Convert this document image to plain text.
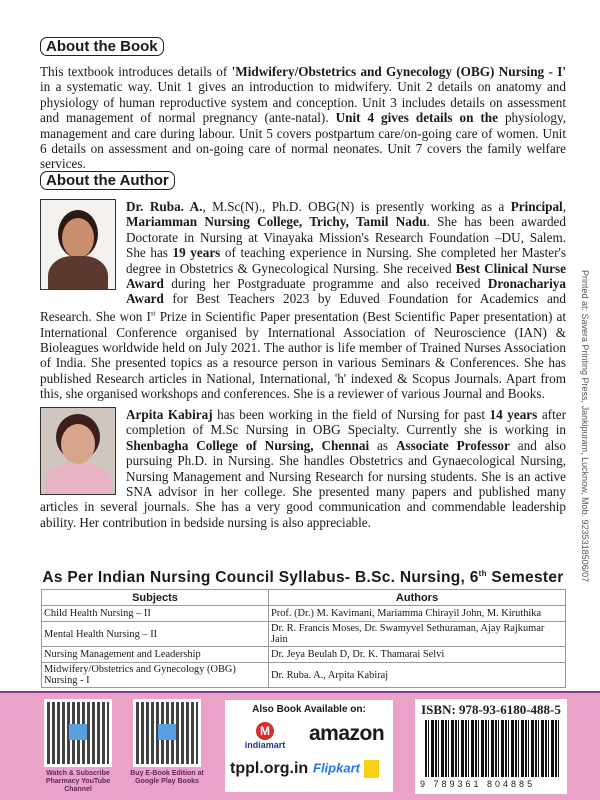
About the Book
This textbook introduces details of 'Midwifery/Obstetrics and Gynecology (OBG) Nursing - I' in a systematic way. Unit 1 gives an introduction to midwifery. Unit 2 details on anatomy and physiology of human reproductive system and conception. Unit 3 includes details on assessment and management of normal pregnancy (ante-natal). Unit 4 gives details on the physiology, management and care during labour. Unit 5 covers postpartum care/on-going care of women. Unit 6 details on assessment and on-going care of normal neonates. Unit 7 covers the family welfare services.
About the Author
Dr. Ruba. A., M.Sc(N)., Ph.D. OBG(N) is presently working as a Principal, Mariamman Nursing College, Trichy, Tamil Nadu. She has been awarded Doctorate in Nursing at Vinayaka Mission's Research Foundation –DU, Salem. She has 19 years of teaching experience in Nursing. She completed her Master's degree in Obstetrics & Gynecological Nursing. She received Best Clinical Nurse Award during her Postgraduate programme and also received Dronachariya Award for Best Teachers 2023 by Eduved Foundation for Academics and Research. She won Ist Prize in Scientific Paper presentation (Best Scientific Paper presentation) at International Conference organised by International Association of Neuroscience (IAN) & Bioleagues worldwide held on July 2021. The author is life member of Trained Nurses Association of India. She presented topics as a resource person in various Seminars & Conferences. She has published Research articles in National, International, 'h' indexed & Scopus Journals. Apart from this, she organised workshops and conferences. She is a reviewer of various Journal and Books.
Arpita Kabiraj has been working in the field of Nursing for past 14 years after completion of M.Sc Nursing in OBG Specialty. Currently she is working in Shenbagha College of Nursing, Chennai as Associate Professor and also pursuing Ph.D. in Nursing. She handles Obstetrics and Gynaecological Nursing, Nursing Management and Nursing Research for nursing students. She is an active SNA advisor in her college. She presented many papers and published many articles in several journals. She has a very good communication and commendable leadership ability. Her contribution in bedside nursing is also appreciable.
As Per Indian Nursing Council Syllabus- B.Sc. Nursing, 6th Semester
Subjects	Authors
Child Health Nursing – II	Prof. (Dr.) M. Kavimani, Mariamma Chirayil John, M. Kiruthika
Mental Health Nursing – II	Dr. R. Francis Moses, Dr. Swamyvel Sethuraman, Ajay Rajkumar Jain
Nursing Management and Leadership	Dr. Jeya Beulah D, Dr. K. Thamarai Selvi
Midwifery/Obstetrics and Gynecology (OBG) Nursing - I	Dr. Ruba. A., Arpita Kabiraj
Printed at: Savera Printing Press, Jankipuram, Lucknow, Mob. 9235318506/07
Watch & Subscribe Pharmacy YouTube Channel
Buy E-Book Edition at Google Play Books
Also Book Available on:
M
indiamart	amazon
tppl.org.in Flipkart
ISBN: 978-93-6180-488-5
9 789361 804885
